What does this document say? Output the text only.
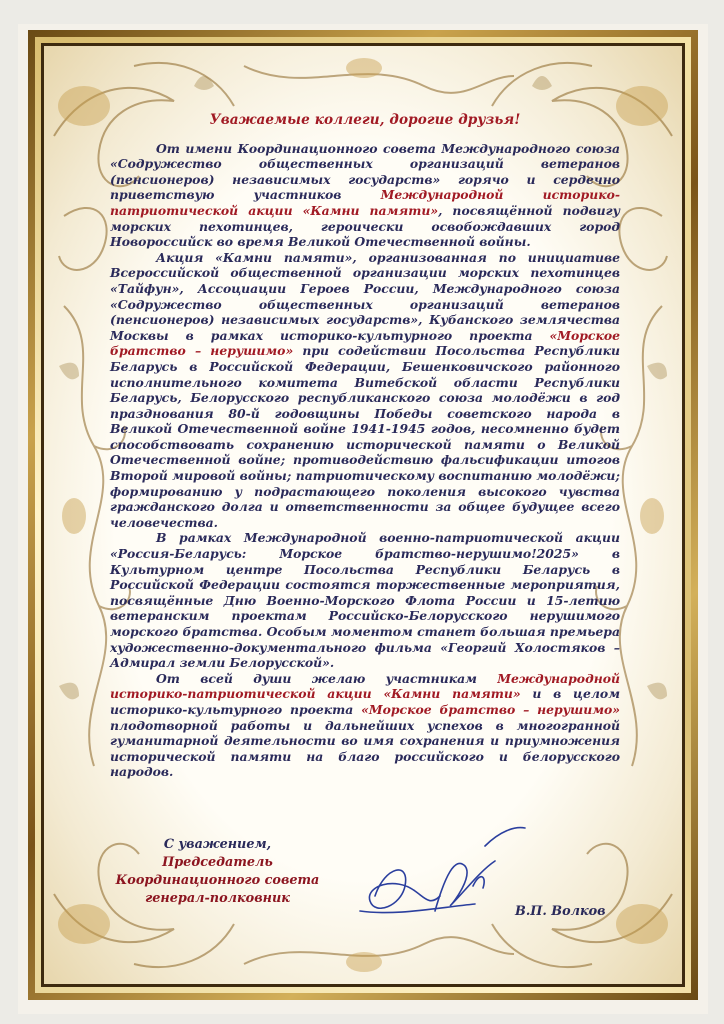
Уважаемые коллеги, дорогие друзья!

От имени Координационного совета Международного союза «Содружество общественных организаций ветеранов (пенсионеров) независимых государств» горячо и сердечно приветствую участников Международной историко-патриотической акции «Камни памяти», посвящённой подвигу морских пехотинцев, героически освобождавших город Новороссийск во время Великой Отечественной войны.

Акция «Камни памяти», организованная по инициативе Всероссийской общественной организации морских пехотинцев «Тайфун», Ассоциации Героев России, Международного союза «Содружество общественных организаций ветеранов (пенсионеров) независимых государств», Кубанского землячества Москвы в рамках историко-культурного проекта «Морское братство – нерушимо» при содействии Посольства Республики Беларусь в Российской Федерации, Бешенковичского районного исполнительного комитета Витебской области Республики Беларусь, Белорусского республиканского союза молодёжи в год празднования 80-й годовщины Победы советского народа в Великой Отечественной войне 1941-1945 годов, несомненно будет способствовать сохранению исторической памяти о Великой Отечественной войне; противодействию фальсификации итогов Второй мировой войны; патриотическому воспитанию молодёжи; формированию у подрастающего поколения высокого чувства гражданского долга и ответственности за общее будущее всего человечества.

В рамках Международной военно-патриотической акции «Россия-Беларусь: Морское братство-нерушимо!2025» в Культурном центре Посольства Республики Беларусь в Российской Федерации состоятся торжественные мероприятия, посвящённые Дню Военно-Морского Флота России и 15-летию ветеранским проектам Российско-Белорусского нерушимого морского братства. Особым моментом станет большая премьера художественно-документального фильма «Георгий Холостяков – Адмирал земли Белорусской».

От всей души желаю участникам Международной историко-патриотической акции «Камни памяти» и в целом историко-культурного проекта «Морское братство – нерушимо» плодотворной работы и дальнейших успехов в многогранной гуманитарной деятельности во имя сохранения и приумножения исторической памяти на благо российского и белорусского народов.

С уважением,
Председатель
Координационного совета
генерал-полковник
В.П. Волков
